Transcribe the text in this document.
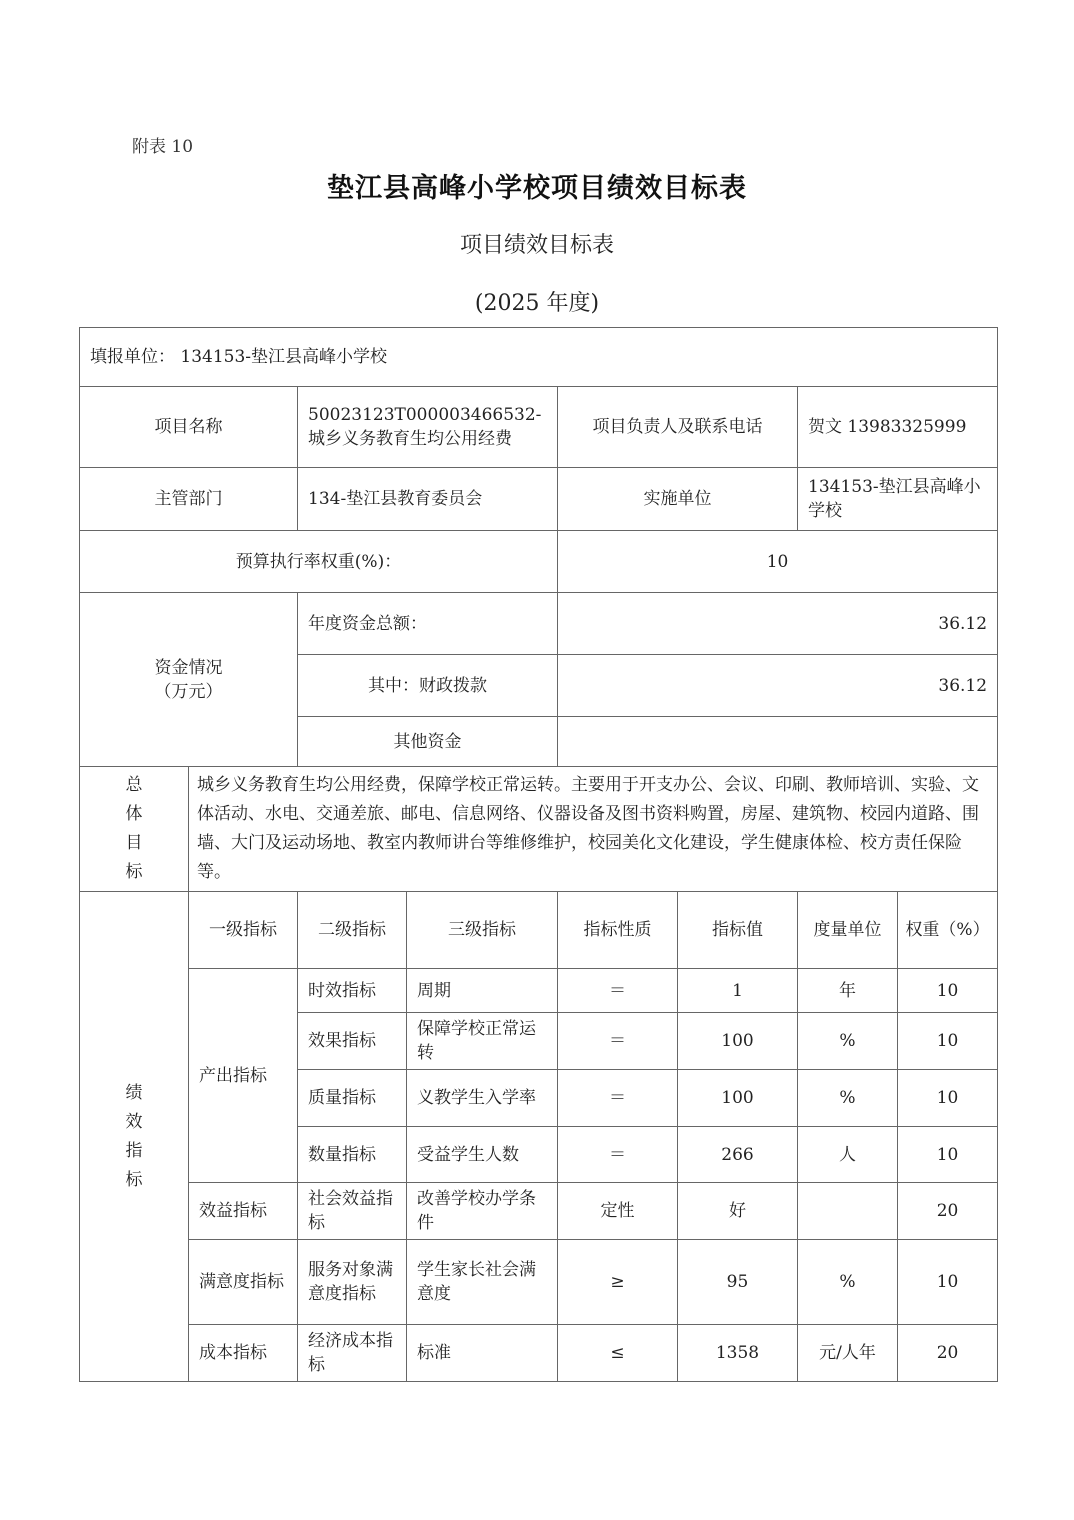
附表 10
垫江县高峰小学校项目绩效目标表
项目绩效目标表
(2025 年度)
填报单位： 134153-垫江县高峰小学校							
项目名称		50023123T000003466532-城乡义务教育生均公用经费		项目负责人及联系电话		贺文 13983325999	
主管部门		134-垫江县教育委员会		实施单位		134153-垫江县高峰小学校	
预算执行率权重(%)：				10			

资金情况
（万元）		年度资金总额：		36.12			
		其中：财政拨款		36.12			
		其他资金					

总
体
目
标	城乡义务教育生均公用经费，保障学校正常运转。主要用于开支办公、会议、印刷、教师培训、实验、文体活动、水电、交通差旅、邮电、信息网络、仪器设备及图书资料购置，房屋、建筑物、校园内道路、围墙、大门及运动场地、教室内教师讲台等维修维护，校园美化文化建设，学生健康体检、校方责任保险等。						

绩
效
指
标	一级指标	二级指标	三级指标	指标性质	指标值	度量单位	权重（%）
	产出指标	时效指标	周期	＝	1	年	10
		效果指标	保障学校正常运转	＝	100	%	10
		质量指标	义教学生入学率	＝	100	%	10
		数量指标	受益学生人数	＝	266	人	10
	效益指标	社会效益指标	改善学校办学条件	定性	好		20
	满意度指标	服务对象满意度指标	学生家长社会满意度	≥	95	%	10
	成本指标	经济成本指标	标准	≤	1358	元/人年	20
